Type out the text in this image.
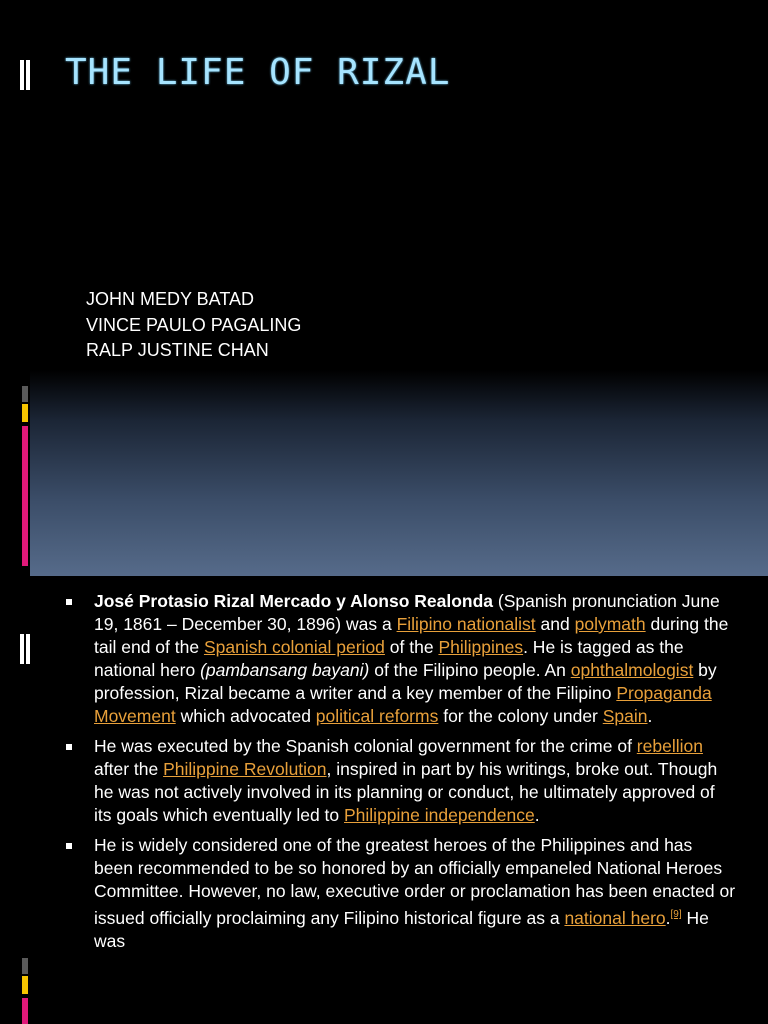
THE LIFE OF RIZAL
JOHN MEDY BATAD
VINCE PAULO PAGALING
RALP JUSTINE CHAN
José Protasio Rizal Mercado y Alonso Realonda (Spanish pronunciation June 19, 1861 – December 30, 1896) was a Filipino nationalist and polymath during the tail end of the Spanish colonial period of the Philippines. He is tagged as the national hero (pambansang bayani) of the Filipino people. An ophthalmologist by profession, Rizal became a writer and a key member of the Filipino Propaganda Movement which advocated political reforms for the colony under Spain.
He was executed by the Spanish colonial government for the crime of rebellion after the Philippine Revolution, inspired in part by his writings, broke out. Though he was not actively involved in its planning or conduct, he ultimately approved of its goals which eventually led to Philippine independence.
He is widely considered one of the greatest heroes of the Philippines and has been recommended to be so honored by an officially empaneled National Heroes Committee. However, no law, executive order or proclamation has been enacted or issued officially proclaiming any Filipino historical figure as a national hero.[9] He was
